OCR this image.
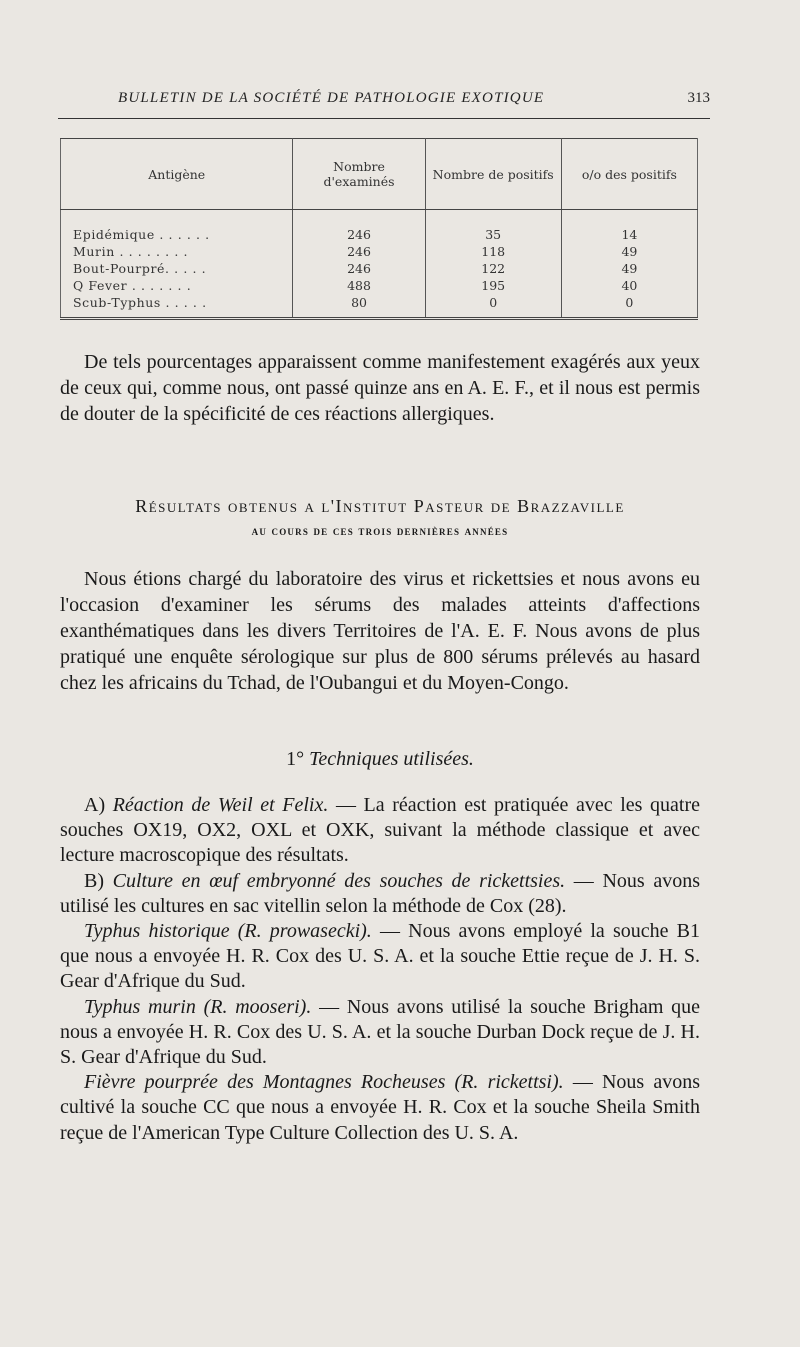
BULLETIN DE LA SOCIÉTÉ DE PATHOLOGIE EXOTIQUE	313
Antigène	Nombre d'examinés	Nombre de positifs	o/o des positifs
Epidémique . . . . . .	246	35	14
Murin . . . . . . . .	246	118	49
Bout-Pourpré. . . . .	246	122	49
Q Fever . . . . . . .	488	195	40
Scub-Typhus . . . . .	80	0	0
De tels pourcentages apparaissent comme manifestement exagérés aux yeux de ceux qui, comme nous, ont passé quinze ans en A. E. F., et il nous est permis de douter de la spécificité de ces réactions allergiques.
Résultats obtenus a l'Institut Pasteur de Brazzaville
au cours de ces trois dernières années
Nous étions chargé du laboratoire des virus et rickettsies et nous avons eu l'occasion d'examiner les sérums des malades atteints d'affections exanthématiques dans les divers Territoires de l'A. E. F. Nous avons de plus pratiqué une enquête sérologique sur plus de 800 sérums prélevés au hasard chez les africains du Tchad, de l'Oubangui et du Moyen-Congo.
1° Techniques utilisées.

A) Réaction de Weil et Felix. — La réaction est pratiquée avec les quatre souches OX19, OX2, OXL et OXK, suivant la méthode classique et avec lecture macroscopique des résultats.

B) Culture en œuf embryonné des souches de rickettsies. — Nous avons utilisé les cultures en sac vitellin selon la méthode de Cox (28).

Typhus historique (R. prowasecki). — Nous avons employé la souche B1 que nous a envoyée H. R. Cox des U. S. A. et la souche Ettie reçue de J. H. S. Gear d'Afrique du Sud.

Typhus murin (R. mooseri). — Nous avons utilisé la souche Brigham que nous a envoyée H. R. Cox des U. S. A. et la souche Durban Dock reçue de J. H. S. Gear d'Afrique du Sud.

Fièvre pourprée des Montagnes Rocheuses (R. rickettsi). — Nous avons cultivé la souche CC que nous a envoyée H. R. Cox et la souche Sheila Smith reçue de l'American Type Culture Collection des U. S. A.
